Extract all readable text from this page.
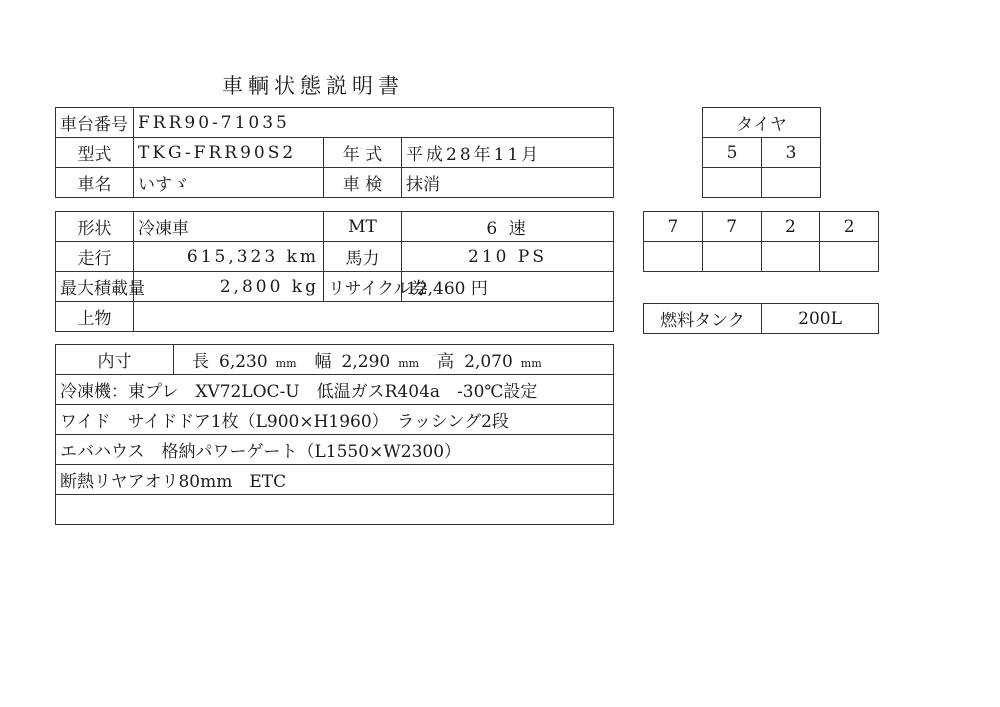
車輌状態説明書
車台番号	FRR90-71035		
型式	TKG-FRR90S2	年 式	平成28年11月
車名	いすゞ	車 検	抹消
形状	冷凍車	MT	6 速
走行	615,323 km	馬力	210 PS
最大積載量	2,800 kg	リサイクル券	12,460 円
上物			
内寸	長 6,230 mm 幅 2,290 mm 高 2,070 mm
冷凍機：東プレ　XV72LOC-U　低温ガスR404a　-30℃設定
ワイド　サイドドア1枚（L900×H1960）　ラッシング2段
エバハウス　格納パワーゲート（L1550×W2300）
断熱リヤアオリ80mm　ETC

タイヤ	
5	3

7	7	2	2

燃料タンク	200L
